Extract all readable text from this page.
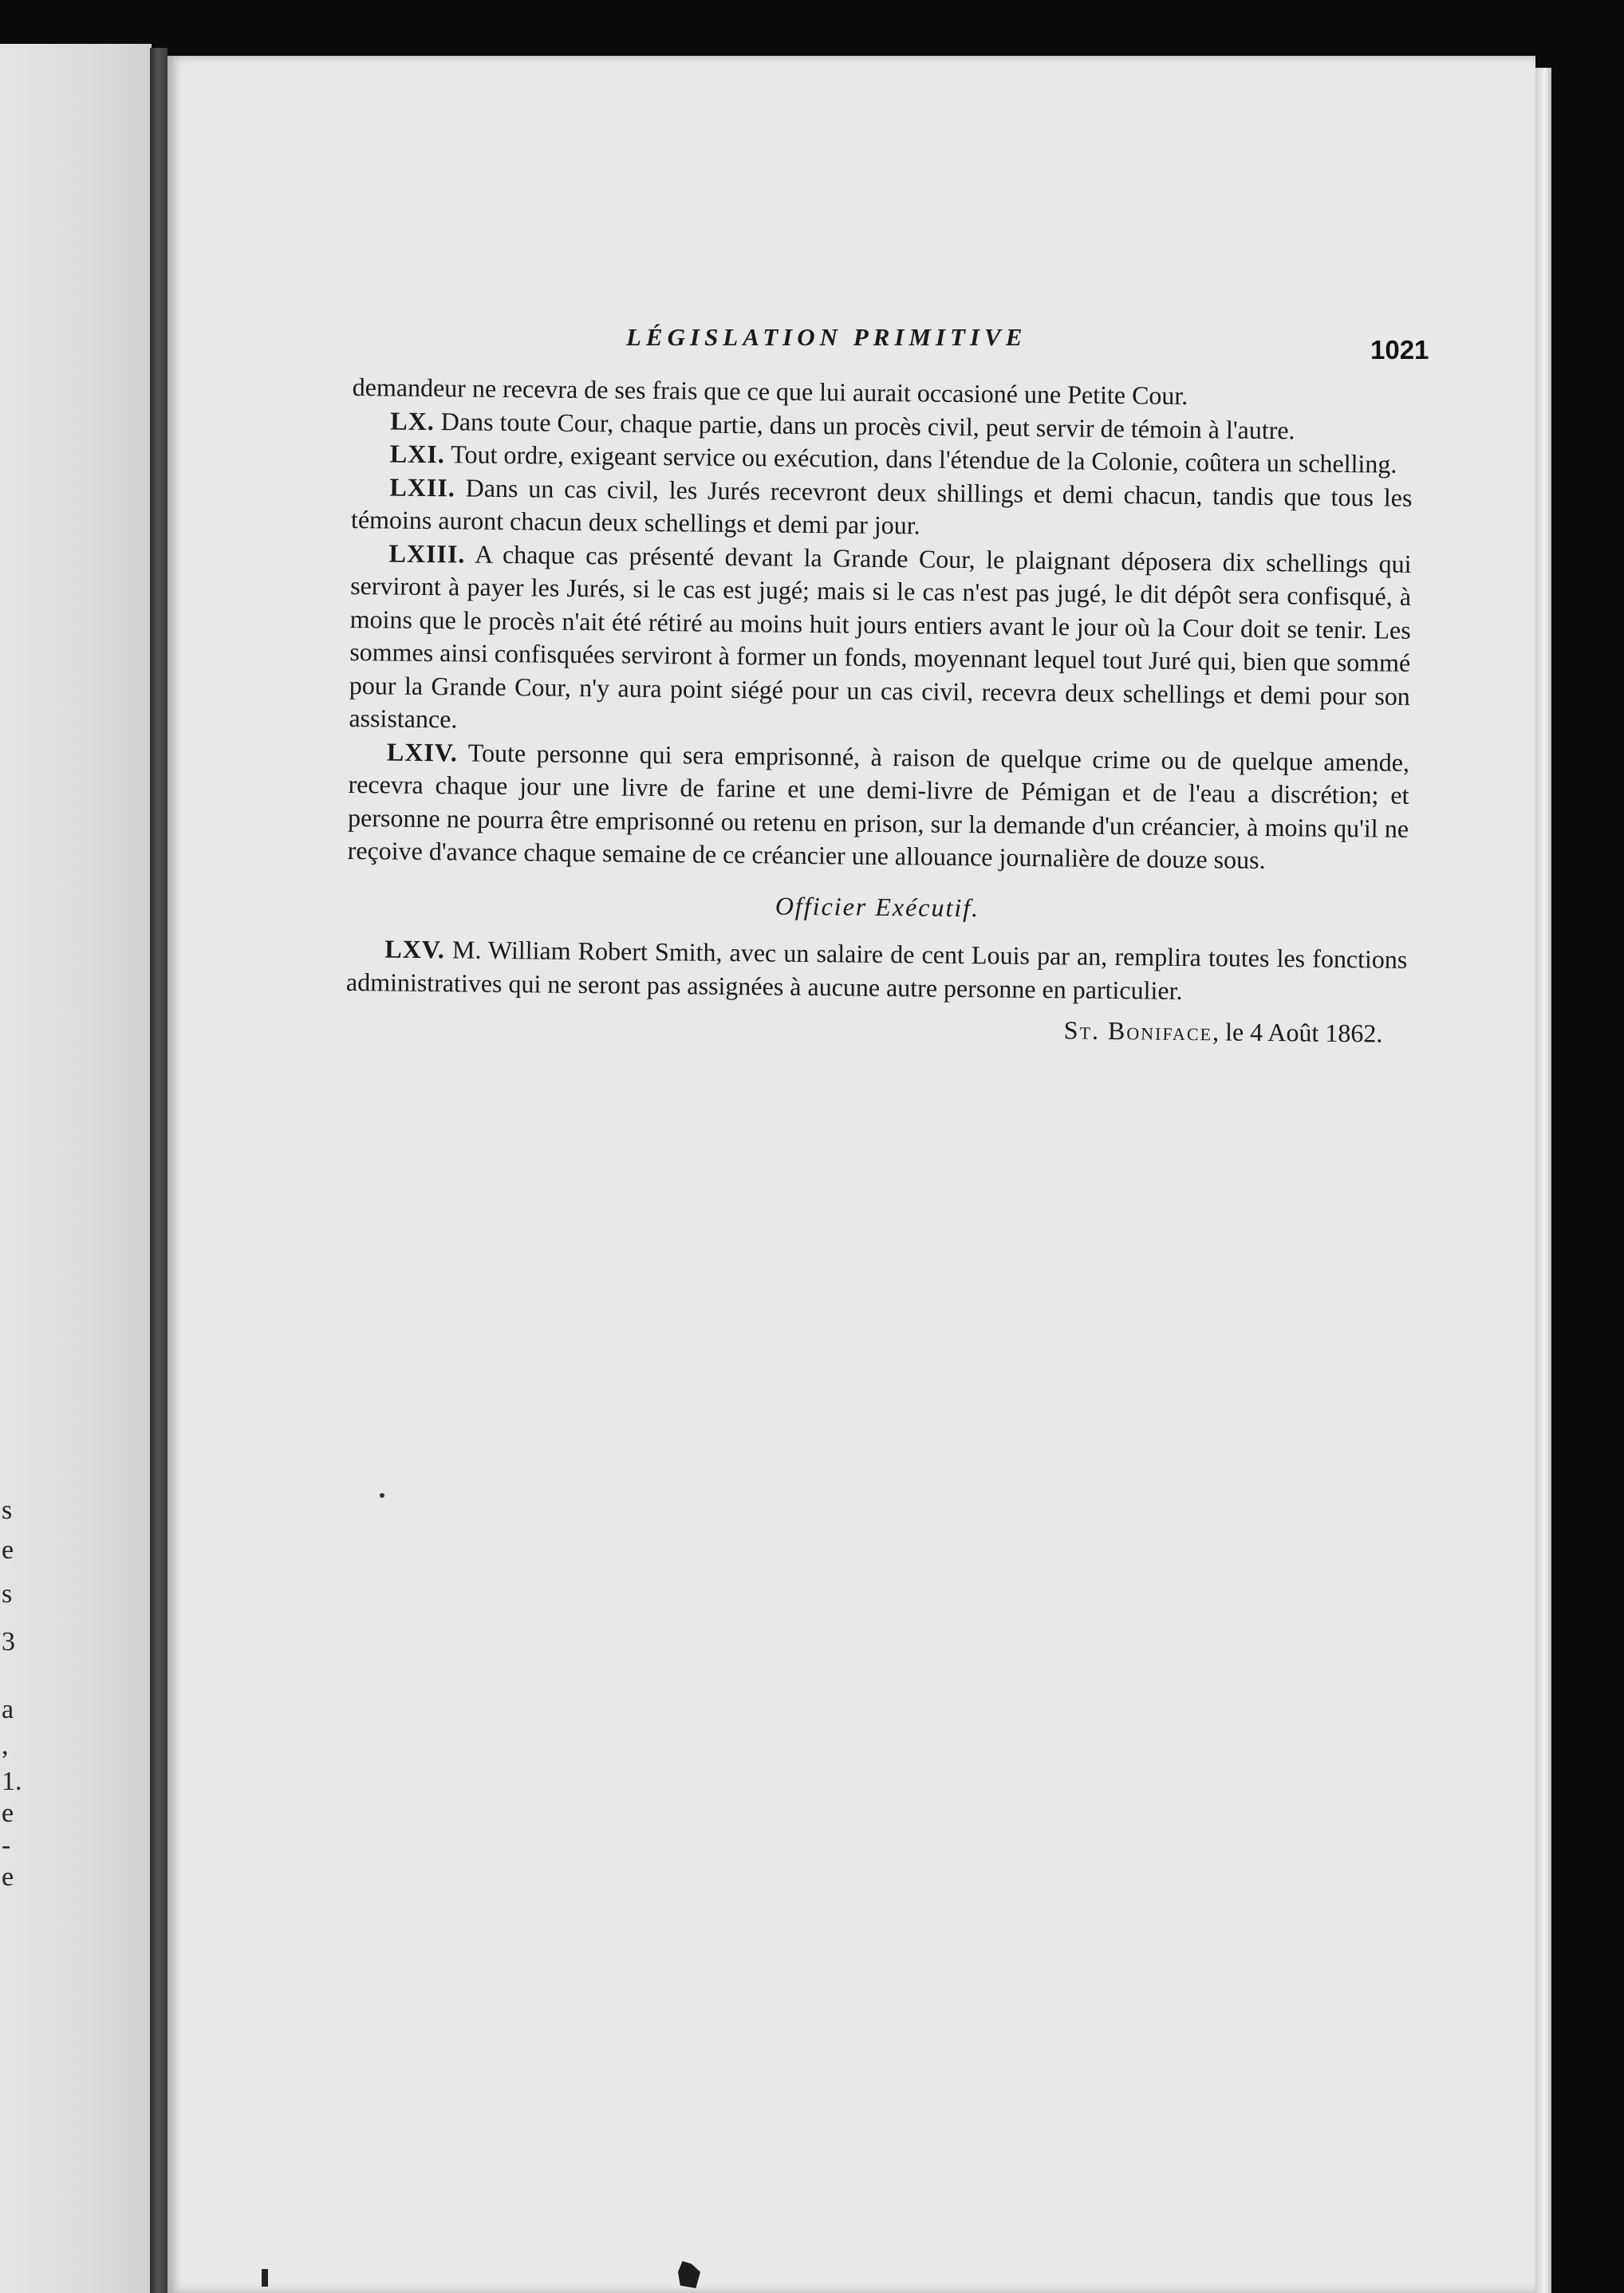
s
e
s
3
a
,
1.
e
-
e
LÉGISLATION PRIMITIVE	1021

demandeur ne recevra de ses frais que ce que lui aurait occasioné une Petite Cour.

LX. Dans toute Cour, chaque partie, dans un procès civil, peut servir de témoin à l'autre.

LXI. Tout ordre, exigeant service ou exécution, dans l'étendue de la Colonie, coûtera un schelling.

LXII. Dans un cas civil, les Jurés recevront deux shillings et demi chacun, tandis que tous les témoins auront chacun deux schellings et demi par jour.

LXIII. A chaque cas présenté devant la Grande Cour, le plaignant déposera dix schellings qui serviront à payer les Jurés, si le cas est jugé; mais si le cas n'est pas jugé, le dit dépôt sera confisqué, à moins que le procès n'ait été rétiré au moins huit jours entiers avant le jour où la Cour doit se tenir. Les sommes ainsi confisquées serviront à former un fonds, moyennant lequel tout Juré qui, bien que sommé pour la Grande Cour, n'y aura point siégé pour un cas civil, recevra deux schellings et demi pour son assistance.

LXIV. Toute personne qui sera emprisonné, à raison de quelque crime ou de quelque amende, recevra chaque jour une livre de farine et une demi-livre de Pémigan et de l'eau a discrétion; et personne ne pourra être emprisonné ou retenu en prison, sur la demande d'un créancier, à moins qu'il ne reçoive d'avance chaque semaine de ce créancier une allouance journalière de douze sous.

Officier Exécutif.

LXV. M. William Robert Smith, avec un salaire de cent Louis par an, remplira toutes les fonctions administratives qui ne seront pas assignées à aucune autre personne en particulier.

St. Boniface, le 4 Août 1862.
